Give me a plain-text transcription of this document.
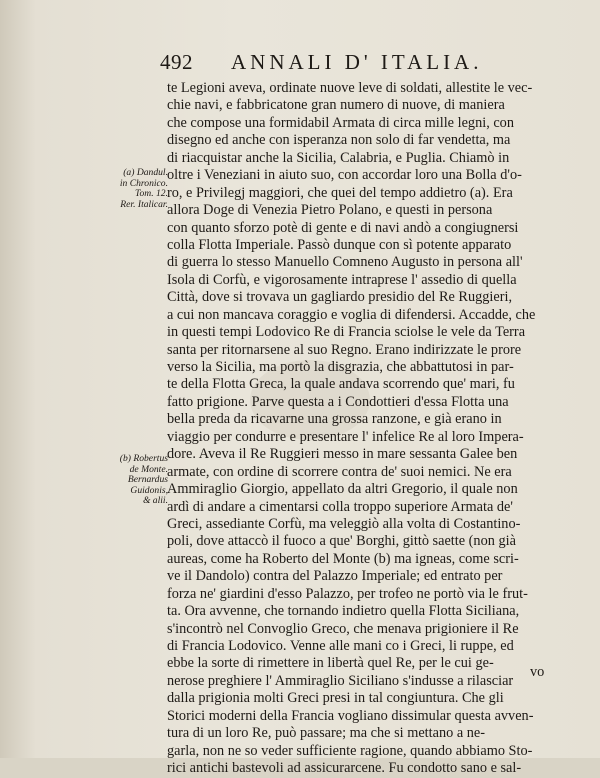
492 ANNALI D' ITALIA.
(a) Dandul.
in Chronico.
Tom. 12.
Rer. Italicar.
(b) Robertus
de Monte.
Bernardus
Guidonis,
& alii.
te Legioni aveva, ordinate nuove leve di soldati, allestite le vec-
chie navi, e fabbricatone gran numero di nuove, di maniera
che compose una formidabil Armata di circa mille legni, con
disegno ed anche con isperanza non solo di far vendetta, ma
di riacquistar anche la Sicilia, Calabria, e Puglia. Chiamò in
oltre i Veneziani in aiuto suo, con accordar loro una Bolla d'o-
ro, e Privilegj maggiori, che quei del tempo addietro (a). Era
allora Doge di Venezia Pietro Polano, e questi in persona
con quanto sforzo potè di gente e di navi andò a congiugnersi
colla Flotta Imperiale. Passò dunque con sì potente apparato
di guerra lo stesso Manuello Comneno Augusto in persona all'
Isola di Corfù, e vigorosamente intraprese l' assedio di quella
Città, dove si trovava un gagliardo presidio del Re Ruggieri,
a cui non mancava coraggio e voglia di difendersi. Accadde, che
in questi tempi Lodovico Re di Francia sciolse le vele da Terra
santa per ritornarsene al suo Regno. Erano indirizzate le prore
verso la Sicilia, ma portò la disgrazia, che abbattutosi in par-
te della Flotta Greca, la quale andava scorrendo que' mari, fu
fatto prigione. Parve questa a i Condottieri d'essa Flotta una
bella preda da ricavarne una grossa ranzone, e già erano in
viaggio per condurre e presentare l' infelice Re al loro Impera-
dore. Aveva il Re Ruggieri messo in mare sessanta Galee ben
armate, con ordine di scorrere contra de' suoi nemici. Ne era
Ammiraglio Giorgio, appellato da altri Gregorio, il quale non
ardì di andare a cimentarsi colla troppo superiore Armata de'
Greci, assediante Corfù, ma veleggiò alla volta di Costantino-
poli, dove attaccò il fuoco a que' Borghi, gittò saette (non già
aureas, come ha Roberto del Monte (b) ma igneas, come scri-
ve il Dandolo) contra del Palazzo Imperiale; ed entrato per
forza ne' giardini d'esso Palazzo, per trofeo ne portò via le frut-
ta. Ora avvenne, che tornando indietro quella Flotta Siciliana,
s'incontrò nel Convoglio Greco, che menava prigioniere il Re
di Francia Lodovico. Venne alle mani co i Greci, li ruppe, ed
ebbe la sorte di rimettere in libertà quel Re, per le cui ge-
nerose preghiere l' Ammiraglio Siciliano s'indusse a rilasciar
dalla prigionia molti Greci presi in tal congiuntura. Che gli
Storici moderni della Francia vogliano dissimular questa avven-
tura di un loro Re, può passare; ma che si mettano a ne-
garla, non ne so veder sufficiente ragione, quando abbiamo Sto-
rici antichi bastevoli ad assicurarcene. Fu condotto sano e sal-
vo
